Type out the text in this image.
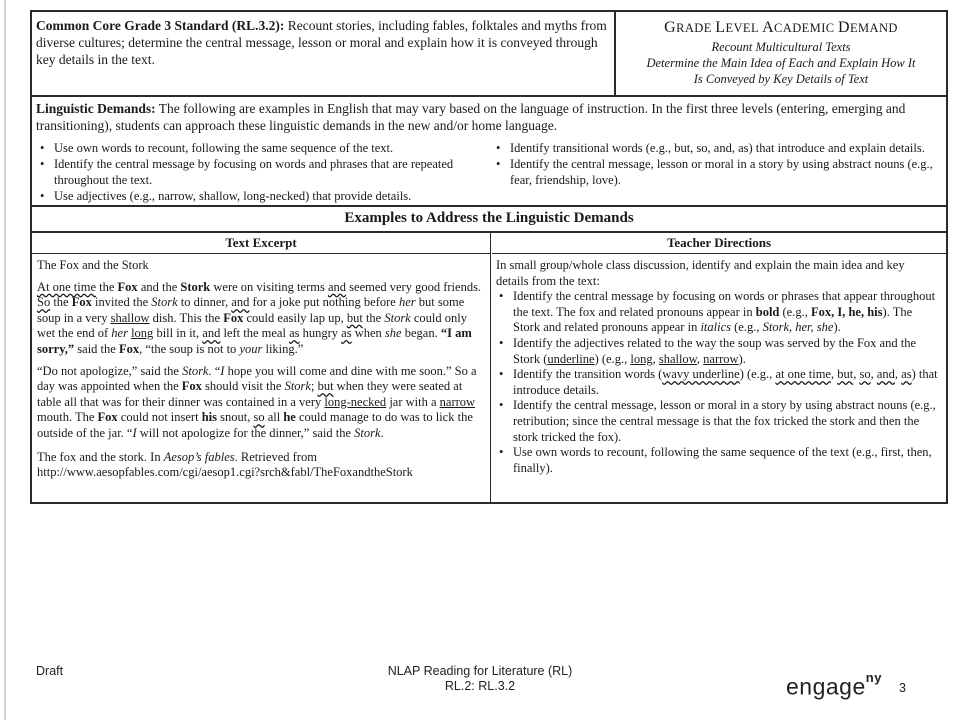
Common Core Grade 3 Standard (RL.3.2): Recount stories, including fables, folktales and myths from diverse cultures; determine the central message, lesson or moral and explain how it is conveyed through key details in the text.
GRADE LEVEL ACADEMIC DEMAND
Recount Multicultural Texts
Determine the Main Idea of Each and Explain How It
Is Conveyed by Key Details of Text
Linguistic Demands: The following are examples in English that may vary based on the language of instruction. In the first three levels (entering, emerging and transitioning), students can approach these linguistic demands in the new and/or home language.
• Use own words to recount, following the same sequence of the text.
• Identify the central message by focusing on words and phrases that are repeated throughout the text.
• Use adjectives (e.g., narrow, shallow, long-necked) that provide details.
• Identify transitional words (e.g., but, so, and, as) that introduce and explain details.
• Identify the central message, lesson or moral in a story by using abstract nouns (e.g., fear, friendship, love).
Examples to Address the Linguistic Demands
Text Excerpt	Teacher Directions

The Fox and the Stork

At one time the Fox and the Stork were on visiting terms and seemed very good friends. So the Fox invited the Stork to dinner, and for a joke put nothing before her but some soup in a very shallow dish. This the Fox could easily lap up, but the Stork could only wet the end of her long bill in it, and left the meal as hungry as when she began. “I am sorry,” said the Fox, “the soup is not to your liking.”

“Do not apologize,” said the Stork. “I hope you will come and dine with me soon.” So a day was appointed when the Fox should visit the Stork; but when they were seated at table all that was for their dinner was contained in a very long-necked jar with a narrow mouth. The Fox could not insert his snout, so all he could manage to do was to lick the outside of the jar. “I will not apologize for the dinner,” said the Stork.

The fox and the stork. In Aesop’s fables. Retrieved from http://www.aesopfables.com/cgi/aesop1.cgi?srch&fabl/TheFoxandtheStork

In small group/whole class discussion, identify and explain the main idea and key details from the text:

• Identify the central message by focusing on words or phrases that appear throughout the text. The fox and related pronouns appear in bold (e.g., Fox, I, he, his). The Stork and related pronouns appear in italics (e.g., Stork, her, she).
• Identify the adjectives related to the way the soup was served by the Fox and the Stork (underline) (e.g., long, shallow, narrow).
• Identify the transition words (wavy underline) (e.g., at one time, but, so, and, as) that introduce details.
• Identify the central message, lesson or moral in a story by using abstract nouns (e.g., retribution; since the central message is that the fox tricked the stork and then the stork tricked the fox).
• Use own words to recount, following the same sequence of the text (e.g., first, then, finally).
Draft	NLAP Reading for Literature (RL)
RL.2: RL.3.2	engage$^{ny}$
3
